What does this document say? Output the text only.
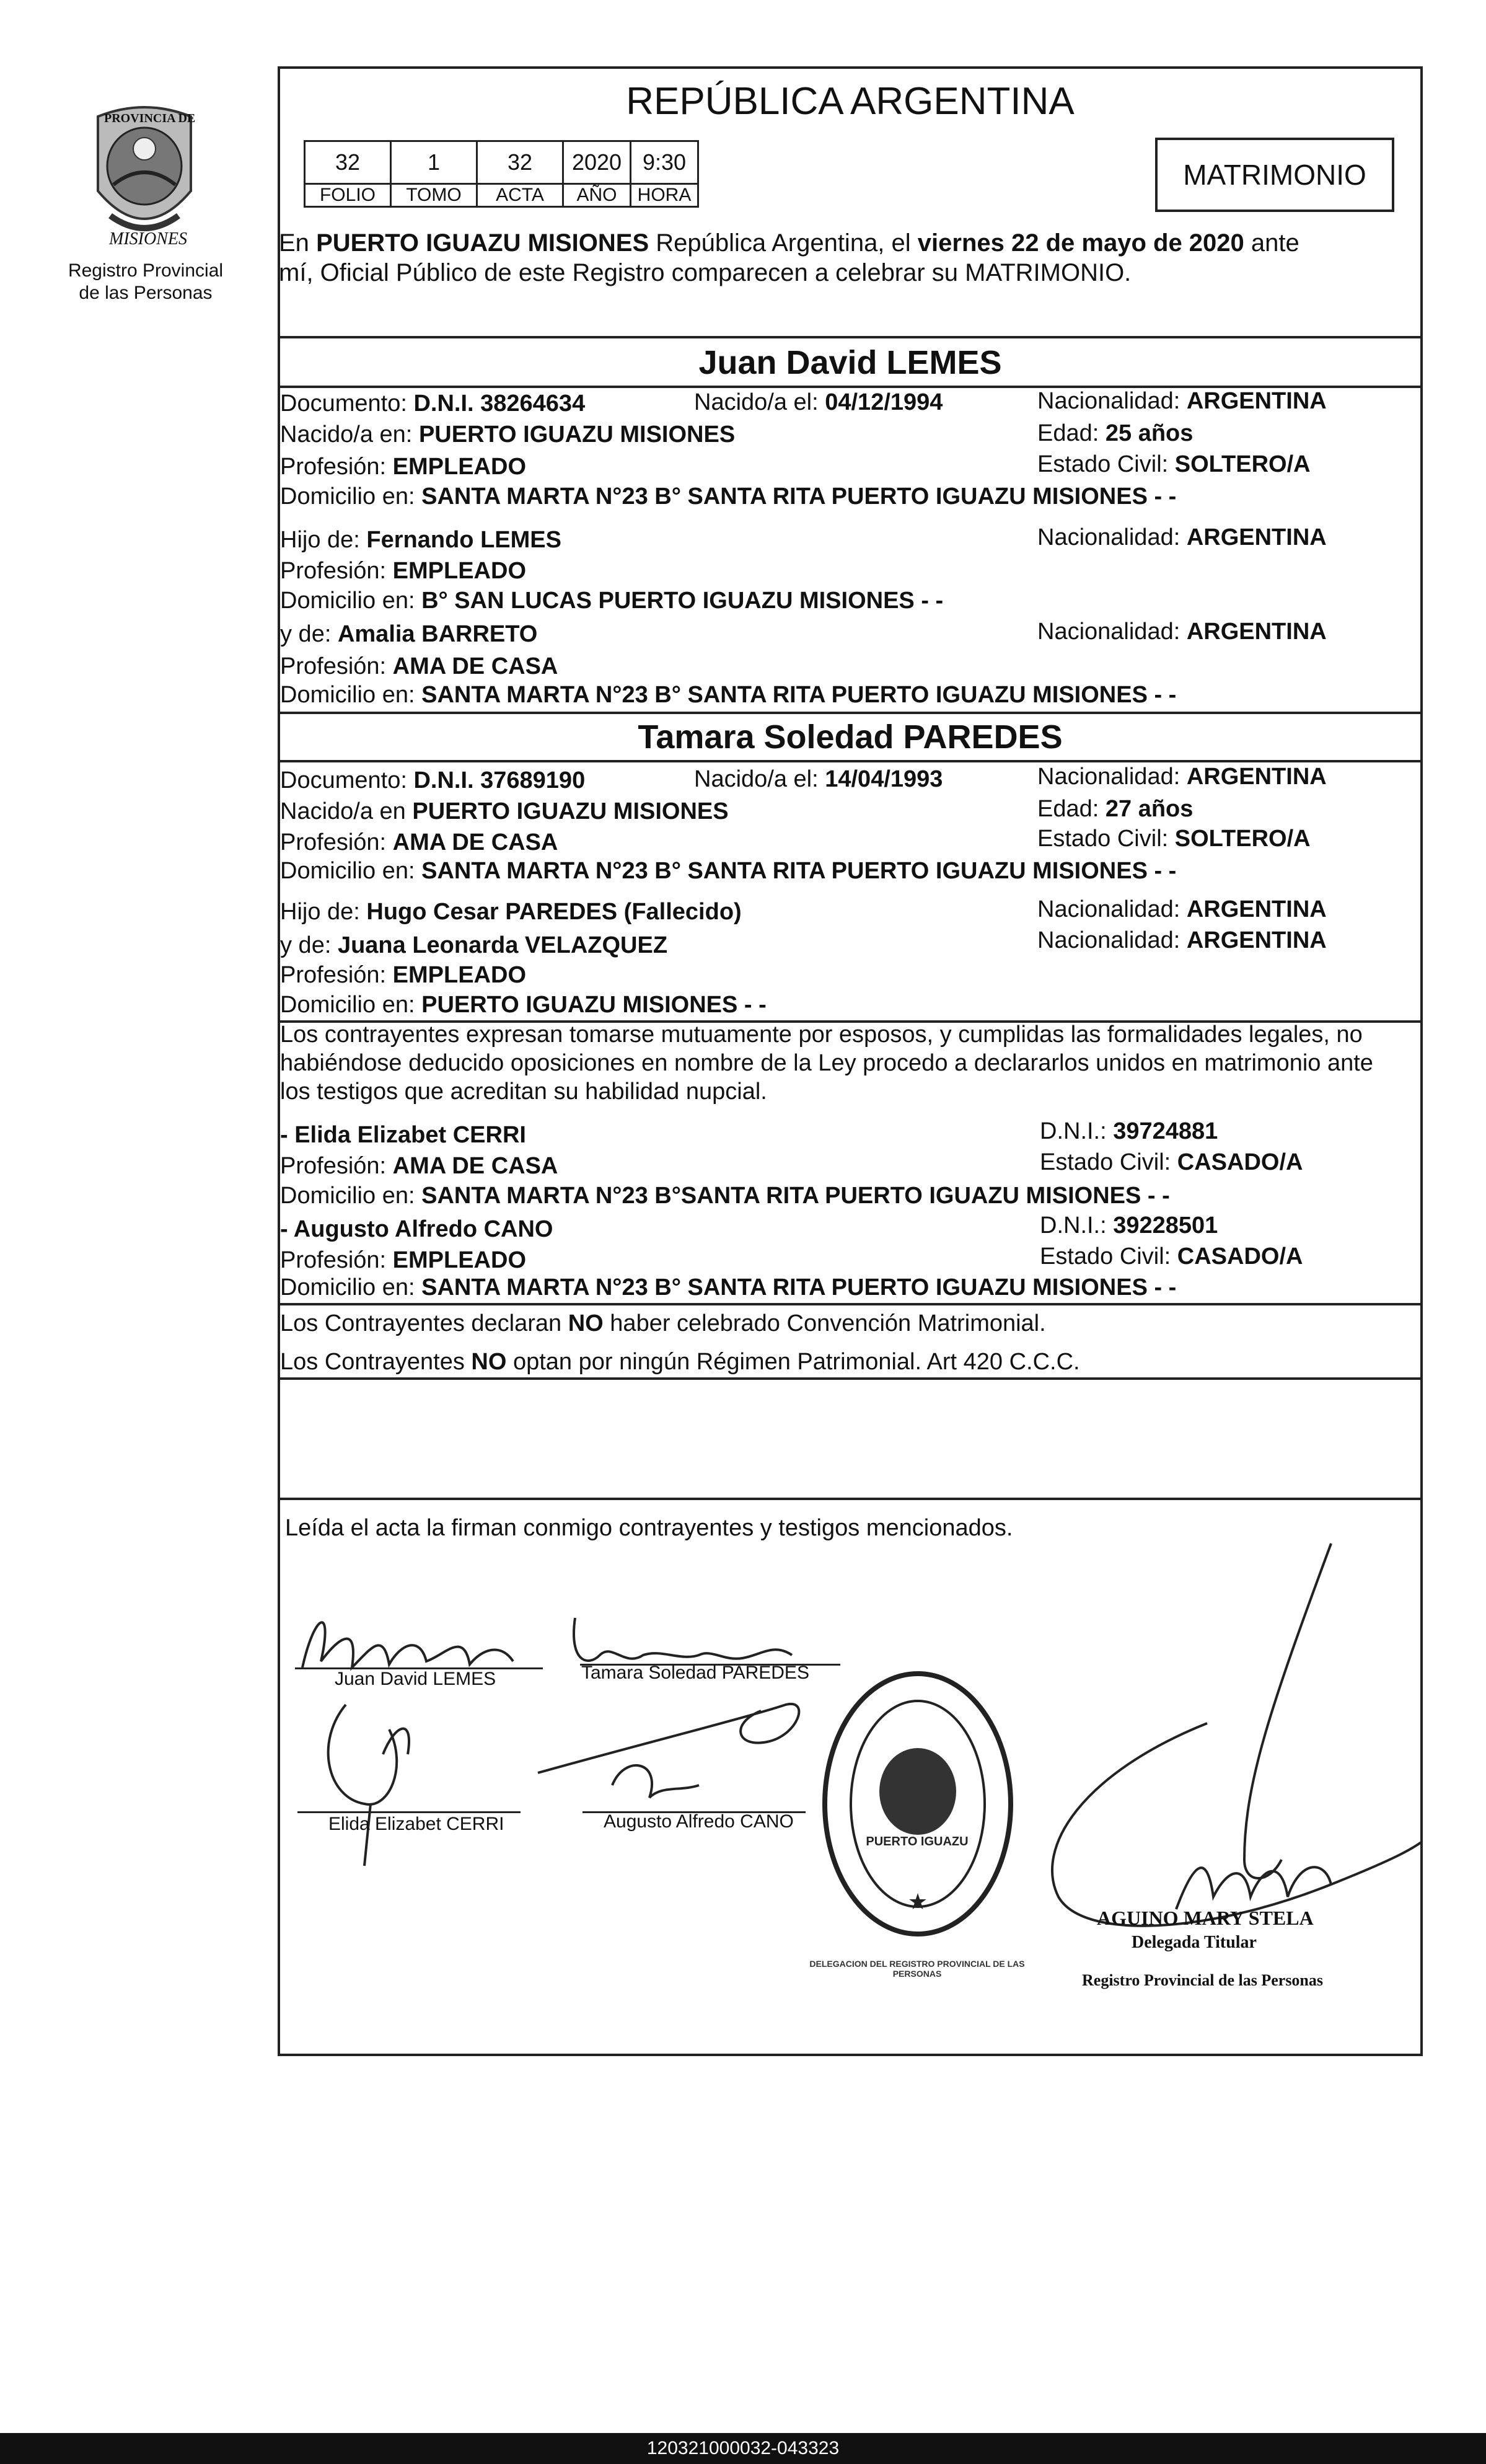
PROVINCIA DE
MISIONES
Registro Provincial
de las Personas
REPÚBLICA ARGENTINA
32	1	32	2020	9:30
FOLIO	TOMO	ACTA	AÑO	HORA
MATRIMONIO
En PUERTO IGUAZU MISIONES República Argentina, el viernes 22 de mayo de 2020 ante
mí, Oficial Público de este Registro comparecen a celebrar su MATRIMONIO.
Juan David LEMES
Documento: D.N.I. 38264634	Nacido/a el: 04/12/1994	Nacionalidad: ARGENTINA
Nacido/a en: PUERTO IGUAZU MISIONES	Edad: 25 años
Profesión: EMPLEADO	Estado Civil: SOLTERO/A
Domicilio en: SANTA MARTA N°23 B° SANTA RITA PUERTO IGUAZU MISIONES - -
Hijo de: Fernando LEMES	Nacionalidad: ARGENTINA
Profesión: EMPLEADO
Domicilio en: B° SAN LUCAS PUERTO IGUAZU MISIONES - -
y de: Amalia BARRETO	Nacionalidad: ARGENTINA
Profesión: AMA DE CASA
Domicilio en: SANTA MARTA N°23 B° SANTA RITA PUERTO IGUAZU MISIONES - -
Tamara Soledad PAREDES
Documento: D.N.I. 37689190	Nacido/a el: 14/04/1993	Nacionalidad: ARGENTINA
Nacido/a en PUERTO IGUAZU MISIONES	Edad: 27 años
Profesión: AMA DE CASA	Estado Civil: SOLTERO/A
Domicilio en: SANTA MARTA N°23 B° SANTA RITA PUERTO IGUAZU MISIONES - -
Hijo de: Hugo Cesar PAREDES (Fallecido)	Nacionalidad: ARGENTINA
y de: Juana Leonarda VELAZQUEZ	Nacionalidad: ARGENTINA
Profesión: EMPLEADO
Domicilio en: PUERTO IGUAZU MISIONES - -
Los contrayentes expresan tomarse mutuamente por esposos, y cumplidas las formalidades legales, no
habiéndose deducido oposiciones en nombre de la Ley procedo a declararlos unidos en matrimonio ante
los testigos que acreditan su habilidad nupcial.
- Elida Elizabet CERRI	D.N.I.: 39724881
Profesión: AMA DE CASA	Estado Civil: CASADO/A
Domicilio en: SANTA MARTA N°23 B°SANTA RITA PUERTO IGUAZU MISIONES - -
- Augusto Alfredo CANO	D.N.I.: 39228501
Profesión: EMPLEADO	Estado Civil: CASADO/A
Domicilio en: SANTA MARTA N°23 B° SANTA RITA PUERTO IGUAZU MISIONES - -
Los Contrayentes declaran NO haber celebrado Convención Matrimonial.
Los Contrayentes NO optan por ningún Régimen Patrimonial. Art 420 C.C.C.
Leída el acta la firman conmigo contrayentes y testigos mencionados.
Juan David LEMES	Tamara Soledad PAREDES
Elida Elizabet CERRI	Augusto Alfredo CANO
★
DELEGACION DEL REGISTRO PROVINCIAL DE LAS PERSONAS
PUERTO IGUAZU
AGUINO MARY STELA
Delegada Titular
Registro Provincial de las Personas
120321000032-043323
